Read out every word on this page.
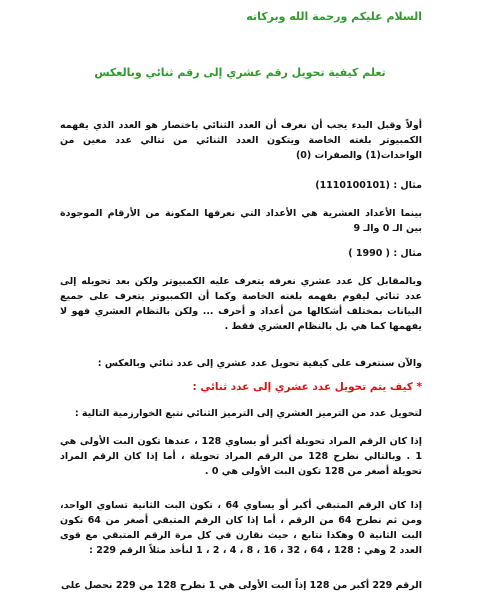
السلام عليكم ورحمة الله وبركاته
تعلم كيفية تحويل رقم عشري إلى رقم ثنائي وبالعكس
أولاً وقبل البدء يجب أن نعرف أن العدد الثنائي باختصار هو العدد الذي يفهمه الكمبيوتر بلغته الخاصة ويتكون العدد الثنائي من تتالي عدد معين من الواحدات(1) والصفرات (0)
مثال : (1110100101)
بينما الأعداد العشرية هي الأعداد التي نعرفها المكونة من الأرقام الموجودة بين الـ 0 والـ 9
مثال : ( 1990 )
وبالمقابل كل عدد عشري نعرفه يتعرف عليه الكمبيوتر ولكن بعد تحويله إلى عدد ثنائي ليقوم بفهمه بلغته الخاصة وكما أن الكمبيوتر يتعرف على جميع البيانات بمختلف أشكالها من أعداد و أحرف ... ولكن بالنظام العشري فهو لا يفهمها كما هي بل بالنظام العشري فقط .
والآن سنتعرف على كيفية تحويل عدد عشري إلى عدد ثنائي وبالعكس :
* كيف يتم تحويل عدد عشري إلى عدد ثنائي :
لتحويل عدد من الترميز العشري إلى الترميز الثنائي نتبع الخوارزمية التالية :
إذا كان الرقم المراد تحويلة أكبر أو يساوي 128 ، عندها تكون البت الأولى هي 1 . وبالتالي نطرح 128 من الرقم المراد تحويلة ، أما إذا كان الرقم المراد تحويلة أصغر من 128 تكون البت الأولى هي 0 .
إذا كان الرقم المتبقي أكبر أو يساوي 64 ، تكون البت الثانية تساوي الواحد، ومن ثم نطرح 64 من الرقم ، أما إذا كان الرقم المتبقي أصغر من 64 تكون البت الثانية 0 وهكذا نتابع ، حيث نقارن في كل مرة الرقم المتبقي مع قوى العدد 2 وهي : 128 ، 64 ، 32 ، 16 ، 8 ، 4 ، 2 ، 1 لنأخذ مثلاً الرقم 229 :
الرقم 229 أكبر من 128 إذاً البت الأولى هي 1 نطرح 128 من 229 نحصل على
